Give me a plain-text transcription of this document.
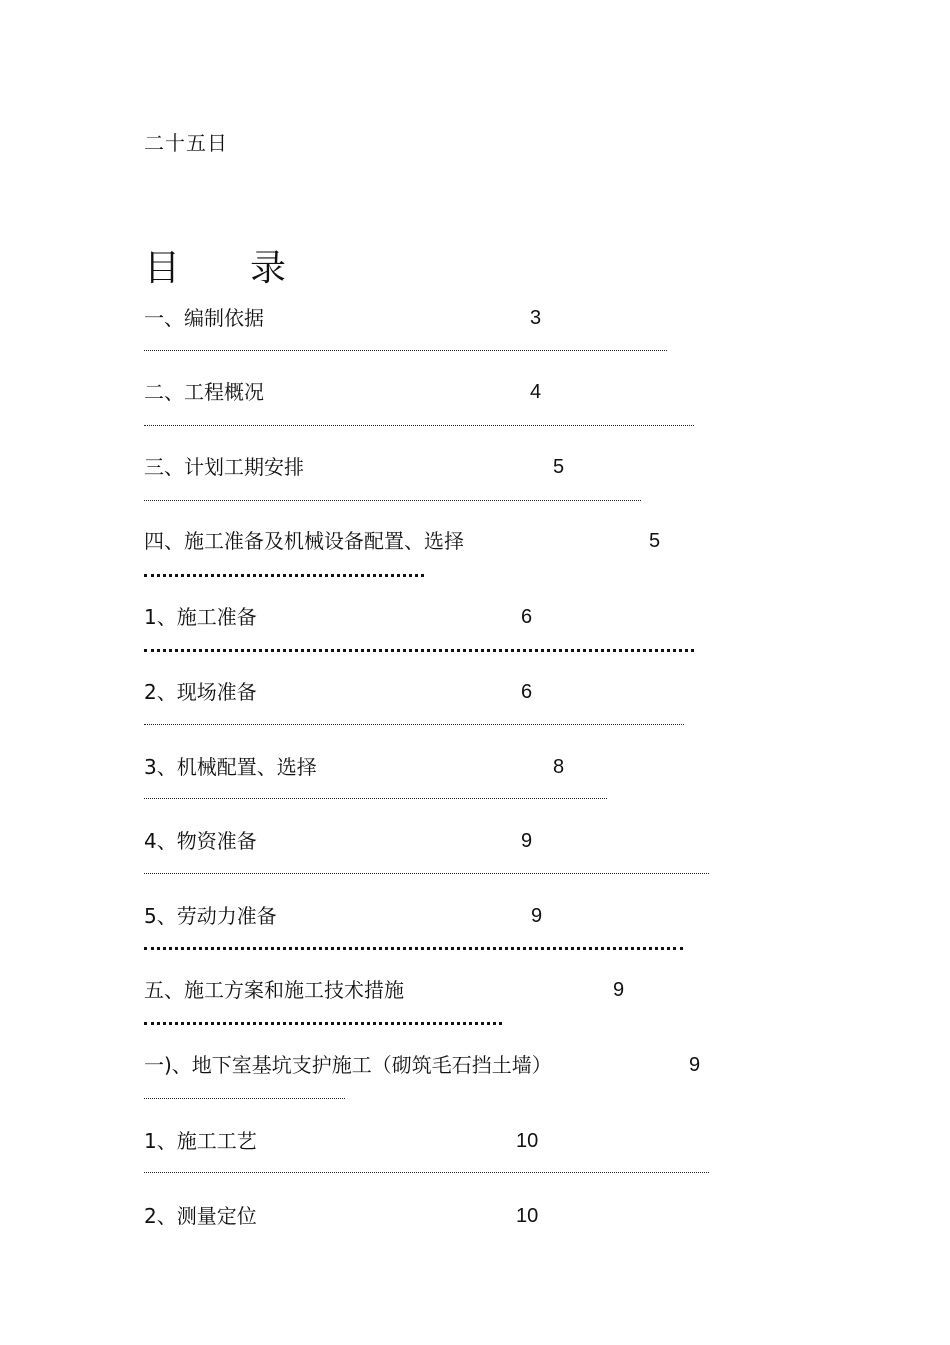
二十五日
目 录
一、编制依据	3
二、工程概况	4
三、计划工期安排	5
四、施工准备及机械设备配置、选择	5
1、施工准备	6
2、现场准备	6
3、机械配置、选择	8
4、物资准备	9
5、劳动力准备	9
五、施工方案和施工技术措施	9
一)、地下室基坑支护施工（砌筑毛石挡土墙）	9
1、施工工艺	10
2、测量定位	10
